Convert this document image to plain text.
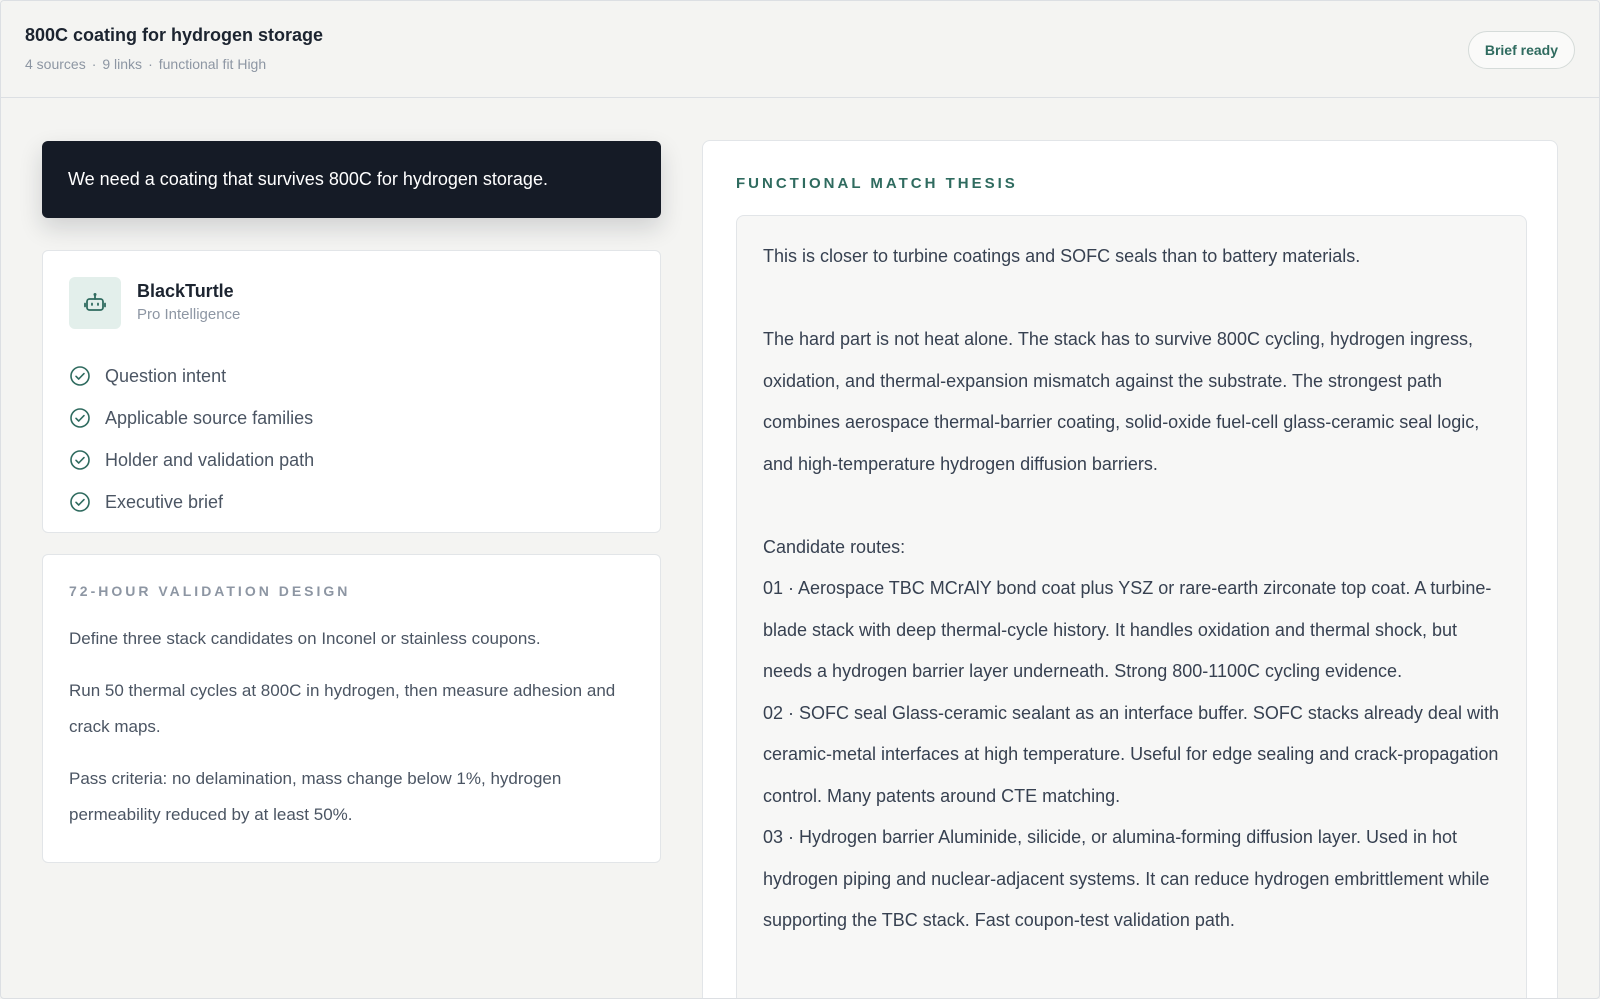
800C coating for hydrogen storage
4 sources · 9 links · functional fit High
Brief ready
We need a coating that survives 800C for hydrogen storage.
BlackTurtle
Pro Intelligence
Question intent
Applicable source families
Holder and validation path
Executive brief
72-HOUR VALIDATION DESIGN

Define three stack candidates on Inconel or stainless coupons.

Run 50 thermal cycles at 800C in hydrogen, then measure adhesion and crack maps.

Pass criteria: no delamination, mass change below 1%, hydrogen permeability reduced by at least 50%.

FUNCTIONAL MATCH THESIS

This is closer to turbine coatings and SOFC seals than to battery materials.

The hard part is not heat alone. The stack has to survive 800C cycling, hydrogen ingress, oxidation, and thermal-expansion mismatch against the substrate. The strongest path combines aerospace thermal-barrier coating, solid-oxide fuel-cell glass-ceramic seal logic, and high-temperature hydrogen diffusion barriers.

Candidate routes:

01 · Aerospace TBC MCrAlY bond coat plus YSZ or rare-earth zirconate top coat. A turbine-blade stack with deep thermal-cycle history. It handles oxidation and thermal shock, but needs a hydrogen barrier layer underneath. Strong 800-1100C cycling evidence.

02 · SOFC seal Glass-ceramic sealant as an interface buffer. SOFC stacks already deal with ceramic-metal interfaces at high temperature. Useful for edge sealing and crack-propagation control. Many patents around CTE matching.

03 · Hydrogen barrier Aluminide, silicide, or alumina-forming diffusion layer. Used in hot hydrogen piping and nuclear-adjacent systems. It can reduce hydrogen embrittlement while supporting the TBC stack. Fast coupon-test validation path.
